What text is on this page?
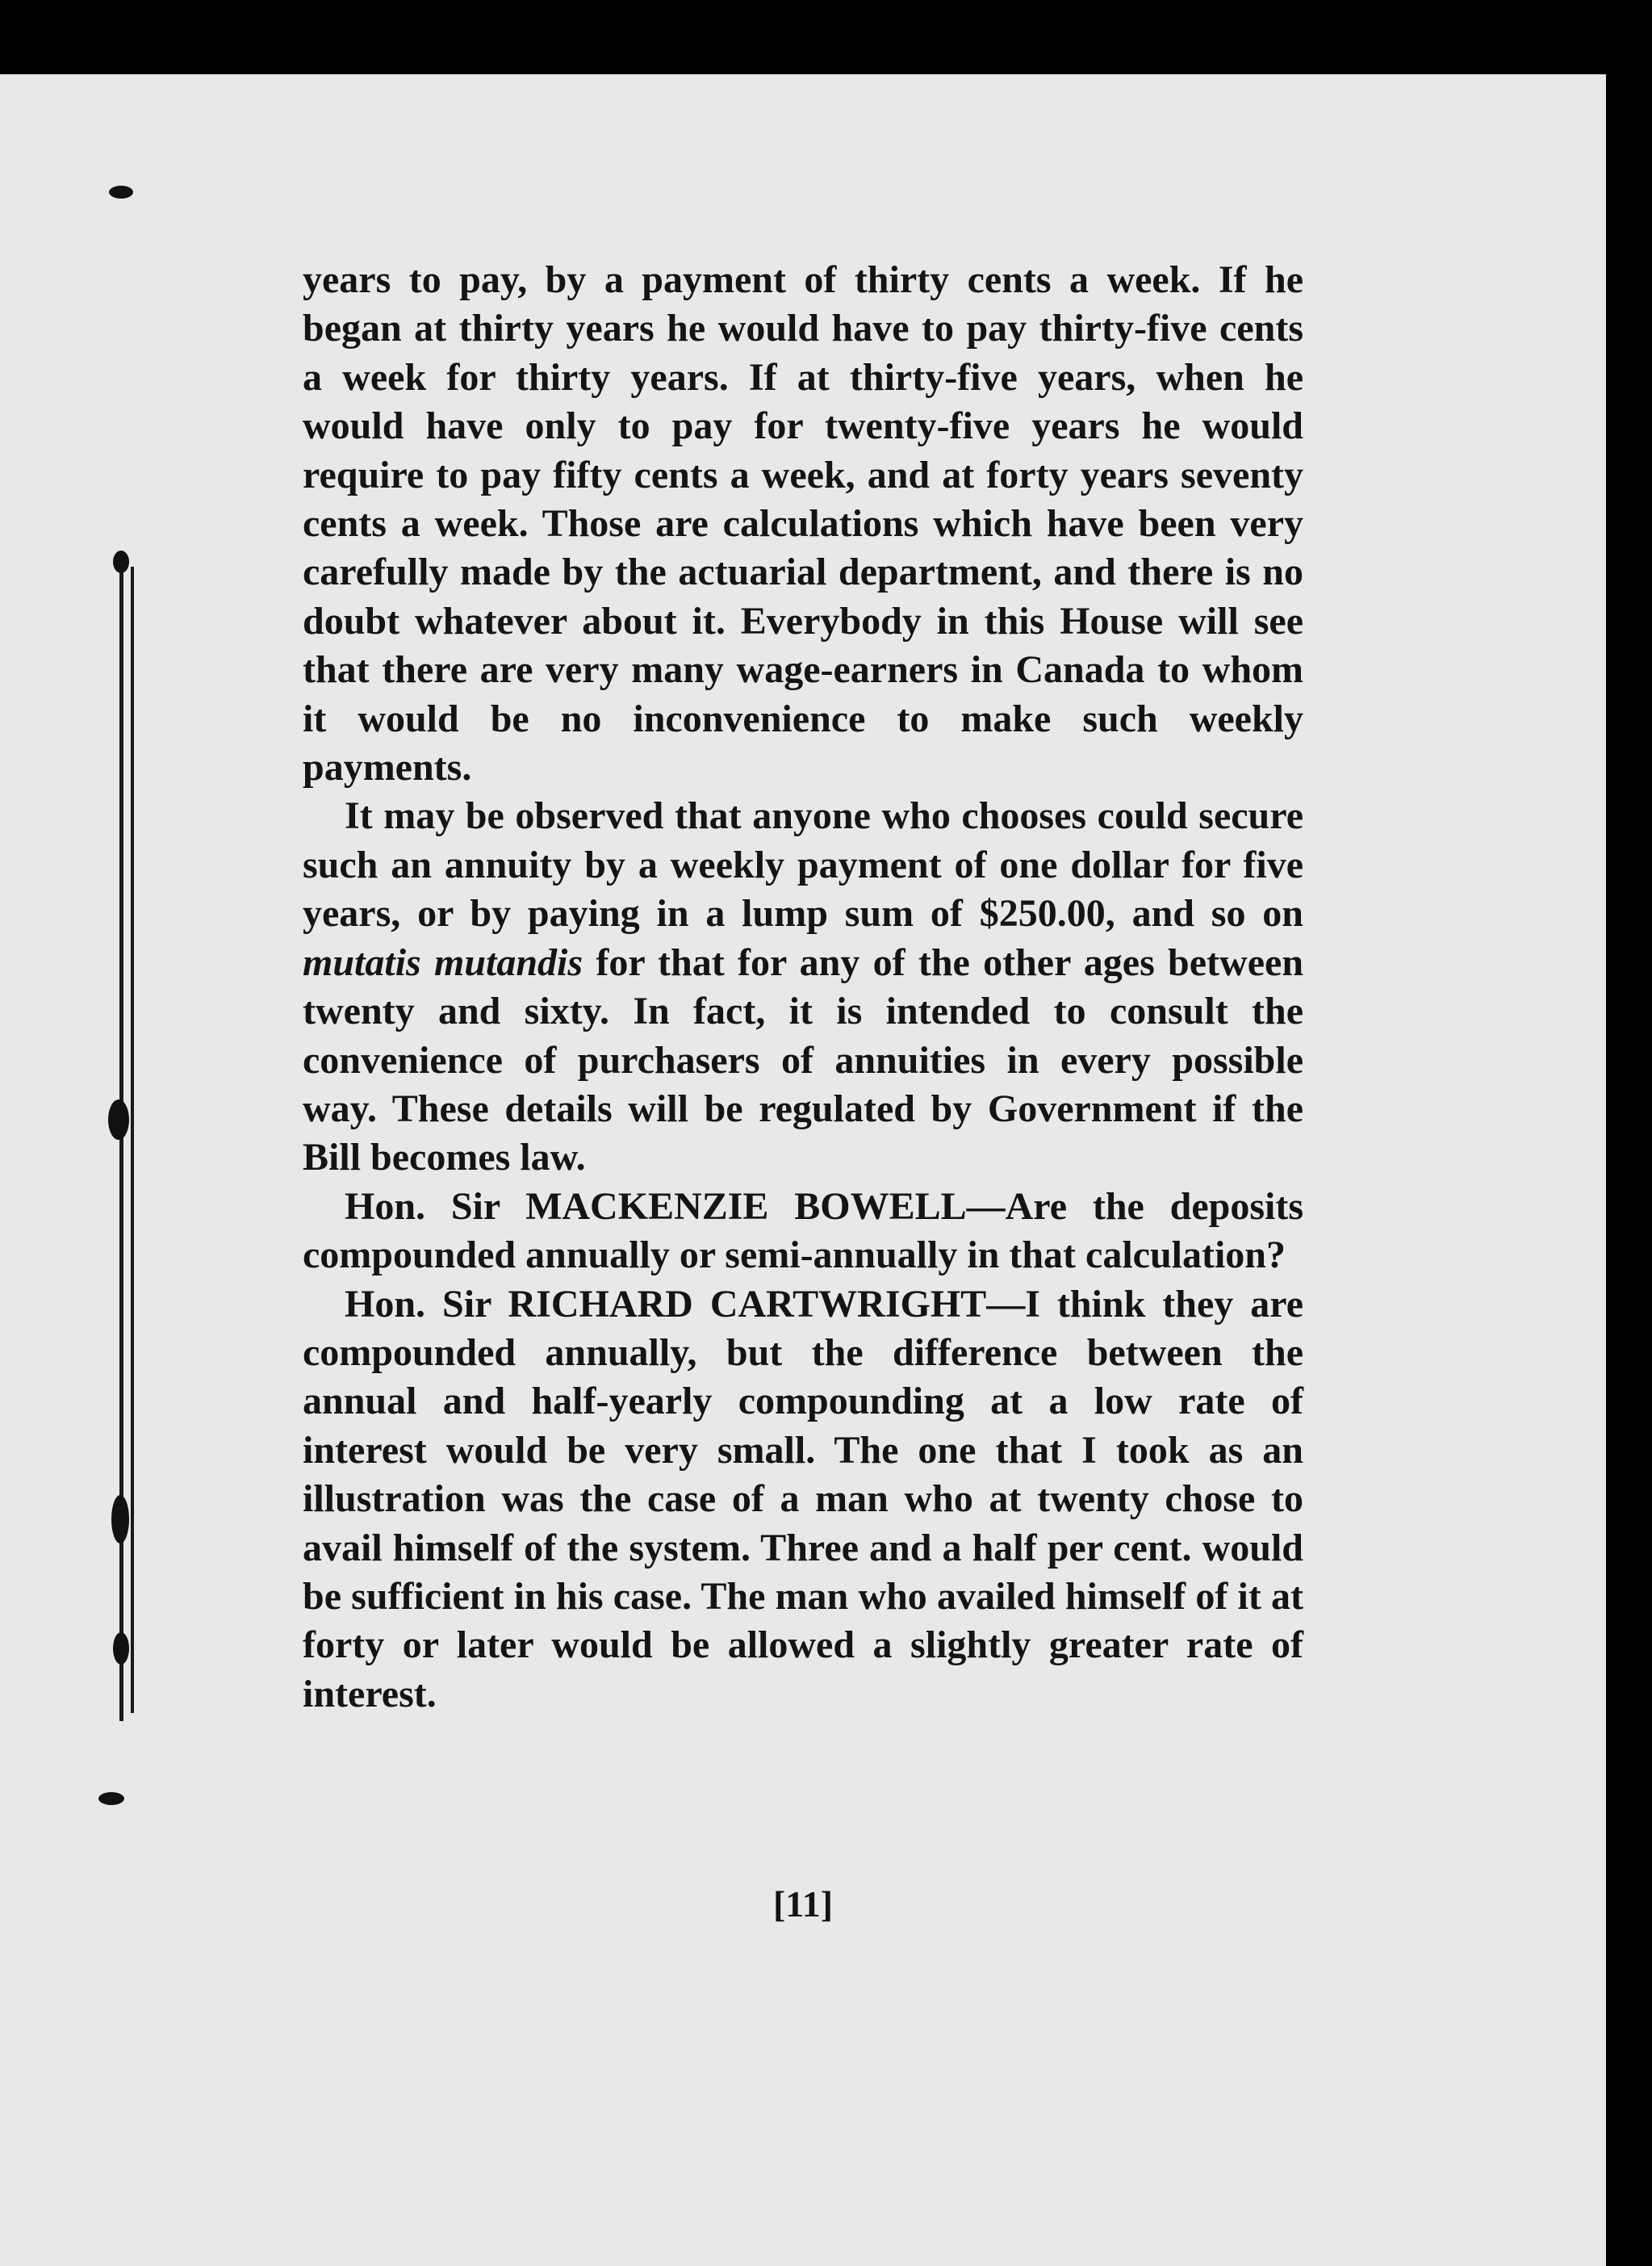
years to pay, by a payment of thirty cents a week. If he began at thirty years he would have to pay thirty-five cents a week for thirty years. If at thirty-five years, when he would have only to pay for twenty-five years he would require to pay fifty cents a week, and at forty years seventy cents a week. Those are calculations which have been very carefully made by the actuarial department, and there is no doubt whatever about it. Everybody in this House will see that there are very many wage-earners in Canada to whom it would be no inconvenience to make such weekly payments.

It may be observed that anyone who chooses could secure such an annuity by a weekly payment of one dollar for five years, or by paying in a lump sum of $250.00, and so on mutatis mutandis for that for any of the other ages between twenty and sixty. In fact, it is intended to consult the convenience of purchasers of annuities in every possible way. These details will be regulated by Government if the Bill becomes law.

Hon. Sir MACKENZIE BOWELL—Are the deposits compounded annually or semi-annually in that calculation?

Hon. Sir RICHARD CARTWRIGHT—I think they are compounded annually, but the difference between the annual and half-yearly compounding at a low rate of interest would be very small. The one that I took as an illustration was the case of a man who at twenty chose to avail himself of the system. Three and a half per cent. would be sufficient in his case. The man who availed himself of it at forty or later would be allowed a slightly greater rate of interest.

[11]
